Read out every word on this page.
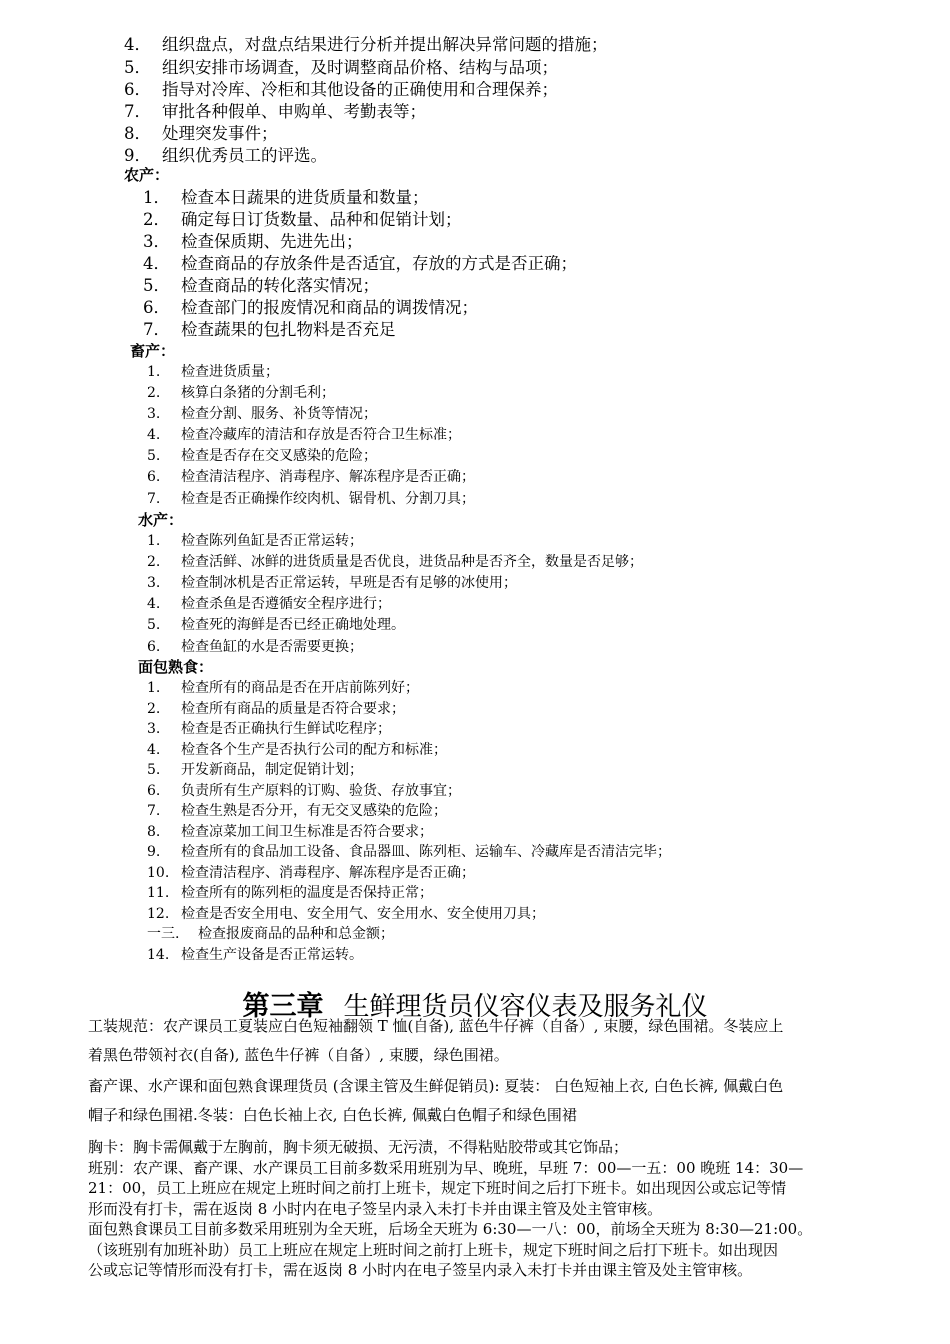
4． 组织盘点，对盘点结果进行分析并提出解决异常问题的措施；
5． 组织安排市场调查，及时调整商品价格、结构与品项；
6． 指导对冷库、冷柜和其他设备的正确使用和合理保养；
7． 审批各种假单、申购单、考勤表等；
8． 处理突发事件；
9． 组织优秀员工的评选。
农产：
1． 检查本日蔬果的进货质量和数量；
2． 确定每日订货数量、品种和促销计划；
3． 检查保质期、先进先出；
4． 检查商品的存放条件是否适宜，存放的方式是否正确；
5． 检查商品的转化落实情况；
6． 检查部门的报废情况和商品的调拨情况；
7． 检查蔬果的包扎物料是否充足
畜产：
1. 检查进货质量；
2. 核算白条猪的分割毛利；
3. 检查分割、服务、补货等情况；
4. 检查冷藏库的清洁和存放是否符合卫生标准；
5. 检查是否存在交叉感染的危险；
6. 检查清洁程序、消毒程序、解冻程序是否正确；
7. 检查是否正确操作绞肉机、锯骨机、分割刀具；
水产：
1. 检查陈列鱼缸是否正常运转；
2. 检查活鲜、冰鲜的进货质量是否优良，进货品种是否齐全，数量是否足够；
3. 检查制冰机是否正常运转，早班是否有足够的冰使用；
4. 检查杀鱼是否遵循安全程序进行；
5. 检查死的海鲜是否已经正确地处理。
6. 检查鱼缸的水是否需要更换；
面包熟食：
1. 检查所有的商品是否在开店前陈列好；
2. 检查所有商品的质量是否符合要求；
3. 检查是否正确执行生鲜试吃程序；
4. 检查各个生产是否执行公司的配方和标准；
5. 开发新商品，制定促销计划；
6. 负责所有生产原料的订购、验货、存放事宜；
7. 检查生熟是否分开，有无交叉感染的危险；
8. 检查凉菜加工间卫生标准是否符合要求；
9. 检查所有的食品加工设备、食品器皿、陈列柜、运输车、冷藏库是否清洁完毕；
10. 检查清洁程序、消毒程序、解冻程序是否正确；
11. 检查所有的陈列柜的温度是否保持正常；
12. 检查是否安全用电、安全用气、安全用水、安全使用刀具；
一三. 检查报废商品的品种和总金额；
14. 检查生产设备是否正常运转。
第三章 生鲜理货员仪容仪表及服务礼仪
工装规范：农产课员工夏装应白色短袖翻领 T 恤(自备), 蓝色牛仔裤（自备）, 束腰，绿色围裙。冬装应上
着黑色带领衬衣(自备), 蓝色牛仔裤（自备）, 束腰，绿色围裙。
畜产课、水产课和面包熟食课理货员 (含课主管及生鲜促销员): 夏装： 白色短袖上衣, 白色长裤, 佩戴白色
帽子和绿色围裙.冬装：白色长袖上衣, 白色长裤, 佩戴白色帽子和绿色围裙
胸卡：胸卡需佩戴于左胸前，胸卡须无破损、无污渍，不得粘贴胶带或其它饰品；
班别：农产课、畜产课、水产课员工目前多数采用班别为早、晚班，早班 7：00—一五：00 晚班 14：30—
21：00，员工上班应在规定上班时间之前打上班卡，规定下班时间之后打下班卡。如出现因公或忘记等情
形而没有打卡，需在返岗 8 小时内在电子签呈内录入未打卡并由课主管及处主管审核。
面包熟食课员工目前多数采用班别为全天班，后场全天班为 6:30—一八：00，前场全天班为 8:30—21:00。
（该班别有加班补助）员工上班应在规定上班时间之前打上班卡，规定下班时间之后打下班卡。如出现因
公或忘记等情形而没有打卡，需在返岗 8 小时内在电子签呈内录入未打卡并由课主管及处主管审核。
